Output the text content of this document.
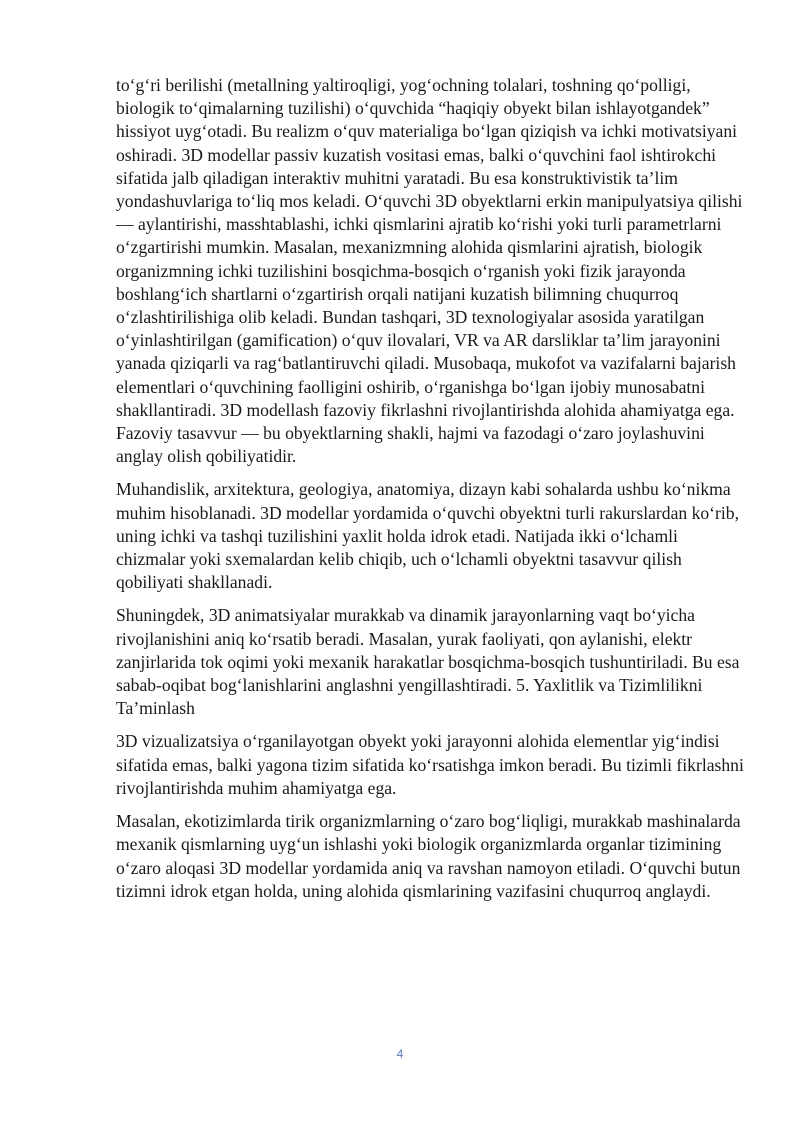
to‘g‘ri berilishi (metallning yaltiroqligi, yog‘ochning tolalari, toshning qo‘polligi, biologik to‘qimalarning tuzilishi) o‘quvchida “haqiqiy obyekt bilan ishlayotgandek” hissiyot uyg‘otadi. Bu realizm o‘quv materialiga bo‘lgan qiziqish va ichki motivatsiyani oshiradi. 3D modellar passiv kuzatish vositasi emas, balki o‘quvchini faol ishtirokchi sifatida jalb qiladigan interaktiv muhitni yaratadi. Bu esa konstruktivistik ta’lim yondashuvlariga to‘liq mos keladi. O‘quvchi 3D obyektlarni erkin manipulyatsiya qilishi — aylantirishi, masshtablashi, ichki qismlarini ajratib ko‘rishi yoki turli parametrlarni o‘zgartirishi mumkin. Masalan, mexanizmning alohida qismlarini ajratish, biologik organizmning ichki tuzilishini bosqichma-bosqich o‘rganish yoki fizik jarayonda boshlang‘ich shartlarni o‘zgartirish orqali natijani kuzatish bilimning chuqurroq o‘zlashtirilishiga olib keladi. Bundan tashqari, 3D texnologiyalar asosida yaratilgan o‘yinlashtirilgan (gamification) o‘quv ilovalari, VR va AR darsliklar ta’lim jarayonini yanada qiziqarli va rag‘batlantiruvchi qiladi. Musobaqa, mukofot va vazifalarni bajarish elementlari o‘quvchining faolligini oshirib, o‘rganishga bo‘lgan ijobiy munosabatni shakllantiradi. 3D modellash fazoviy fikrlashni rivojlantirishda alohida ahamiyatga ega. Fazoviy tasavvur — bu obyektlarning shakli, hajmi va fazodagi o‘zaro joylashuvini anglay olish qobiliyatidir.

Muhandislik, arxitektura, geologiya, anatomiya, dizayn kabi sohalarda ushbu ko‘nikma muhim hisoblanadi. 3D modellar yordamida o‘quvchi obyektni turli rakurslardan ko‘rib, uning ichki va tashqi tuzilishini yaxlit holda idrok etadi. Natijada ikki o‘lchamli chizmalar yoki sxemalardan kelib chiqib, uch o‘lchamli obyektni tasavvur qilish qobiliyati shakllanadi.

Shuningdek, 3D animatsiyalar murakkab va dinamik jarayonlarning vaqt bo‘yicha rivojlanishini aniq ko‘rsatib beradi. Masalan, yurak faoliyati, qon aylanishi, elektr zanjirlarida tok oqimi yoki mexanik harakatlar bosqichma-bosqich tushuntiriladi. Bu esa sabab-oqibat bog‘lanishlarini anglashni yengillashtiradi. 5. Yaxlitlik va Tizimlilikni Ta’minlash

3D vizualizatsiya o‘rganilayotgan obyekt yoki jarayonni alohida elementlar yig‘indisi sifatida emas, balki yagona tizim sifatida ko‘rsatishga imkon beradi. Bu tizimli fikrlashni rivojlantirishda muhim ahamiyatga ega.

Masalan, ekotizimlarda tirik organizmlarning o‘zaro bog‘liqligi, murakkab mashinalarda mexanik qismlarning uyg‘un ishlashi yoki biologik organizmlarda organlar tizimining o‘zaro aloqasi 3D modellar yordamida aniq va ravshan namoyon etiladi. O‘quvchi butun tizimni idrok etgan holda, uning alohida qismlarining vazifasini chuqurroq anglaydi.

4
